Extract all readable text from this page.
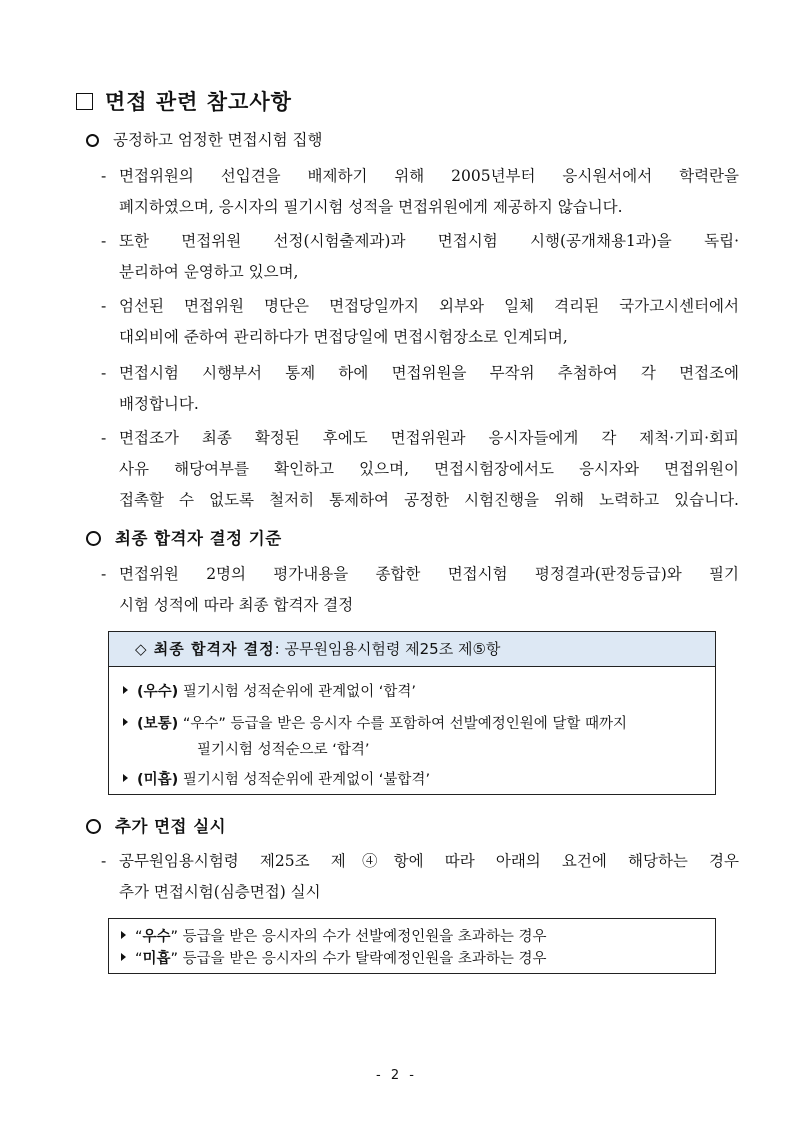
면접 관련 참고사항
공정하고 엄정한 면접시험 집행
- 면접위원의 선입견을 배제하기 위해 2005년부터 응시원서에서 학력란을
폐지하였으며, 응시자의 필기시험 성적을 면접위원에게 제공하지 않습니다.
- 또한 면접위원 선정(시험출제과)과 면접시험 시행(공개채용1과)을 독립·
분리하여 운영하고 있으며,
- 엄선된 면접위원 명단은 면접당일까지 외부와 일체 격리된 국가고시센터에서
대외비에 준하여 관리하다가 면접당일에 면접시험장소로 인계되며,
- 면접시험 시행부서 통제 하에 면접위원을 무작위 추첨하여 각 면접조에
배정합니다.
- 면접조가 최종 확정된 후에도 면접위원과 응시자들에게 각 제척·기피·회피
사유 해당여부를 확인하고 있으며, 면접시험장에서도 응시자와 면접위원이
접촉할 수 없도록 철저히 통제하여 공정한 시험진행을 위해 노력하고 있습니다.
최종 합격자 결정 기준
- 면접위원 2명의 평가내용을 종합한 면접시험 평정결과(판정등급)와 필기
시험 성적에 따라 최종 합격자 결정
◇ 최종 합격자 결정: 공무원임용시험령 제25조 제⑤항
(우수) 필기시험 성적순위에 관계없이 ‘합격’
(보통) “우수” 등급을 받은 응시자 수를 포함하여 선발예정인원에 달할 때까지
필기시험 성적순으로 ‘합격’
(미흡) 필기시험 성적순위에 관계없이 ‘불합격’
추가 면접 실시
- 공무원임용시험령 제25조 제④항에 따라 아래의 요건에 해당하는 경우
추가 면접시험(심층면접) 실시
“우수” 등급을 받은 응시자의 수가 선발예정인원을 초과하는 경우
“미흡” 등급을 받은 응시자의 수가 탈락예정인원을 초과하는 경우
- 2 -
